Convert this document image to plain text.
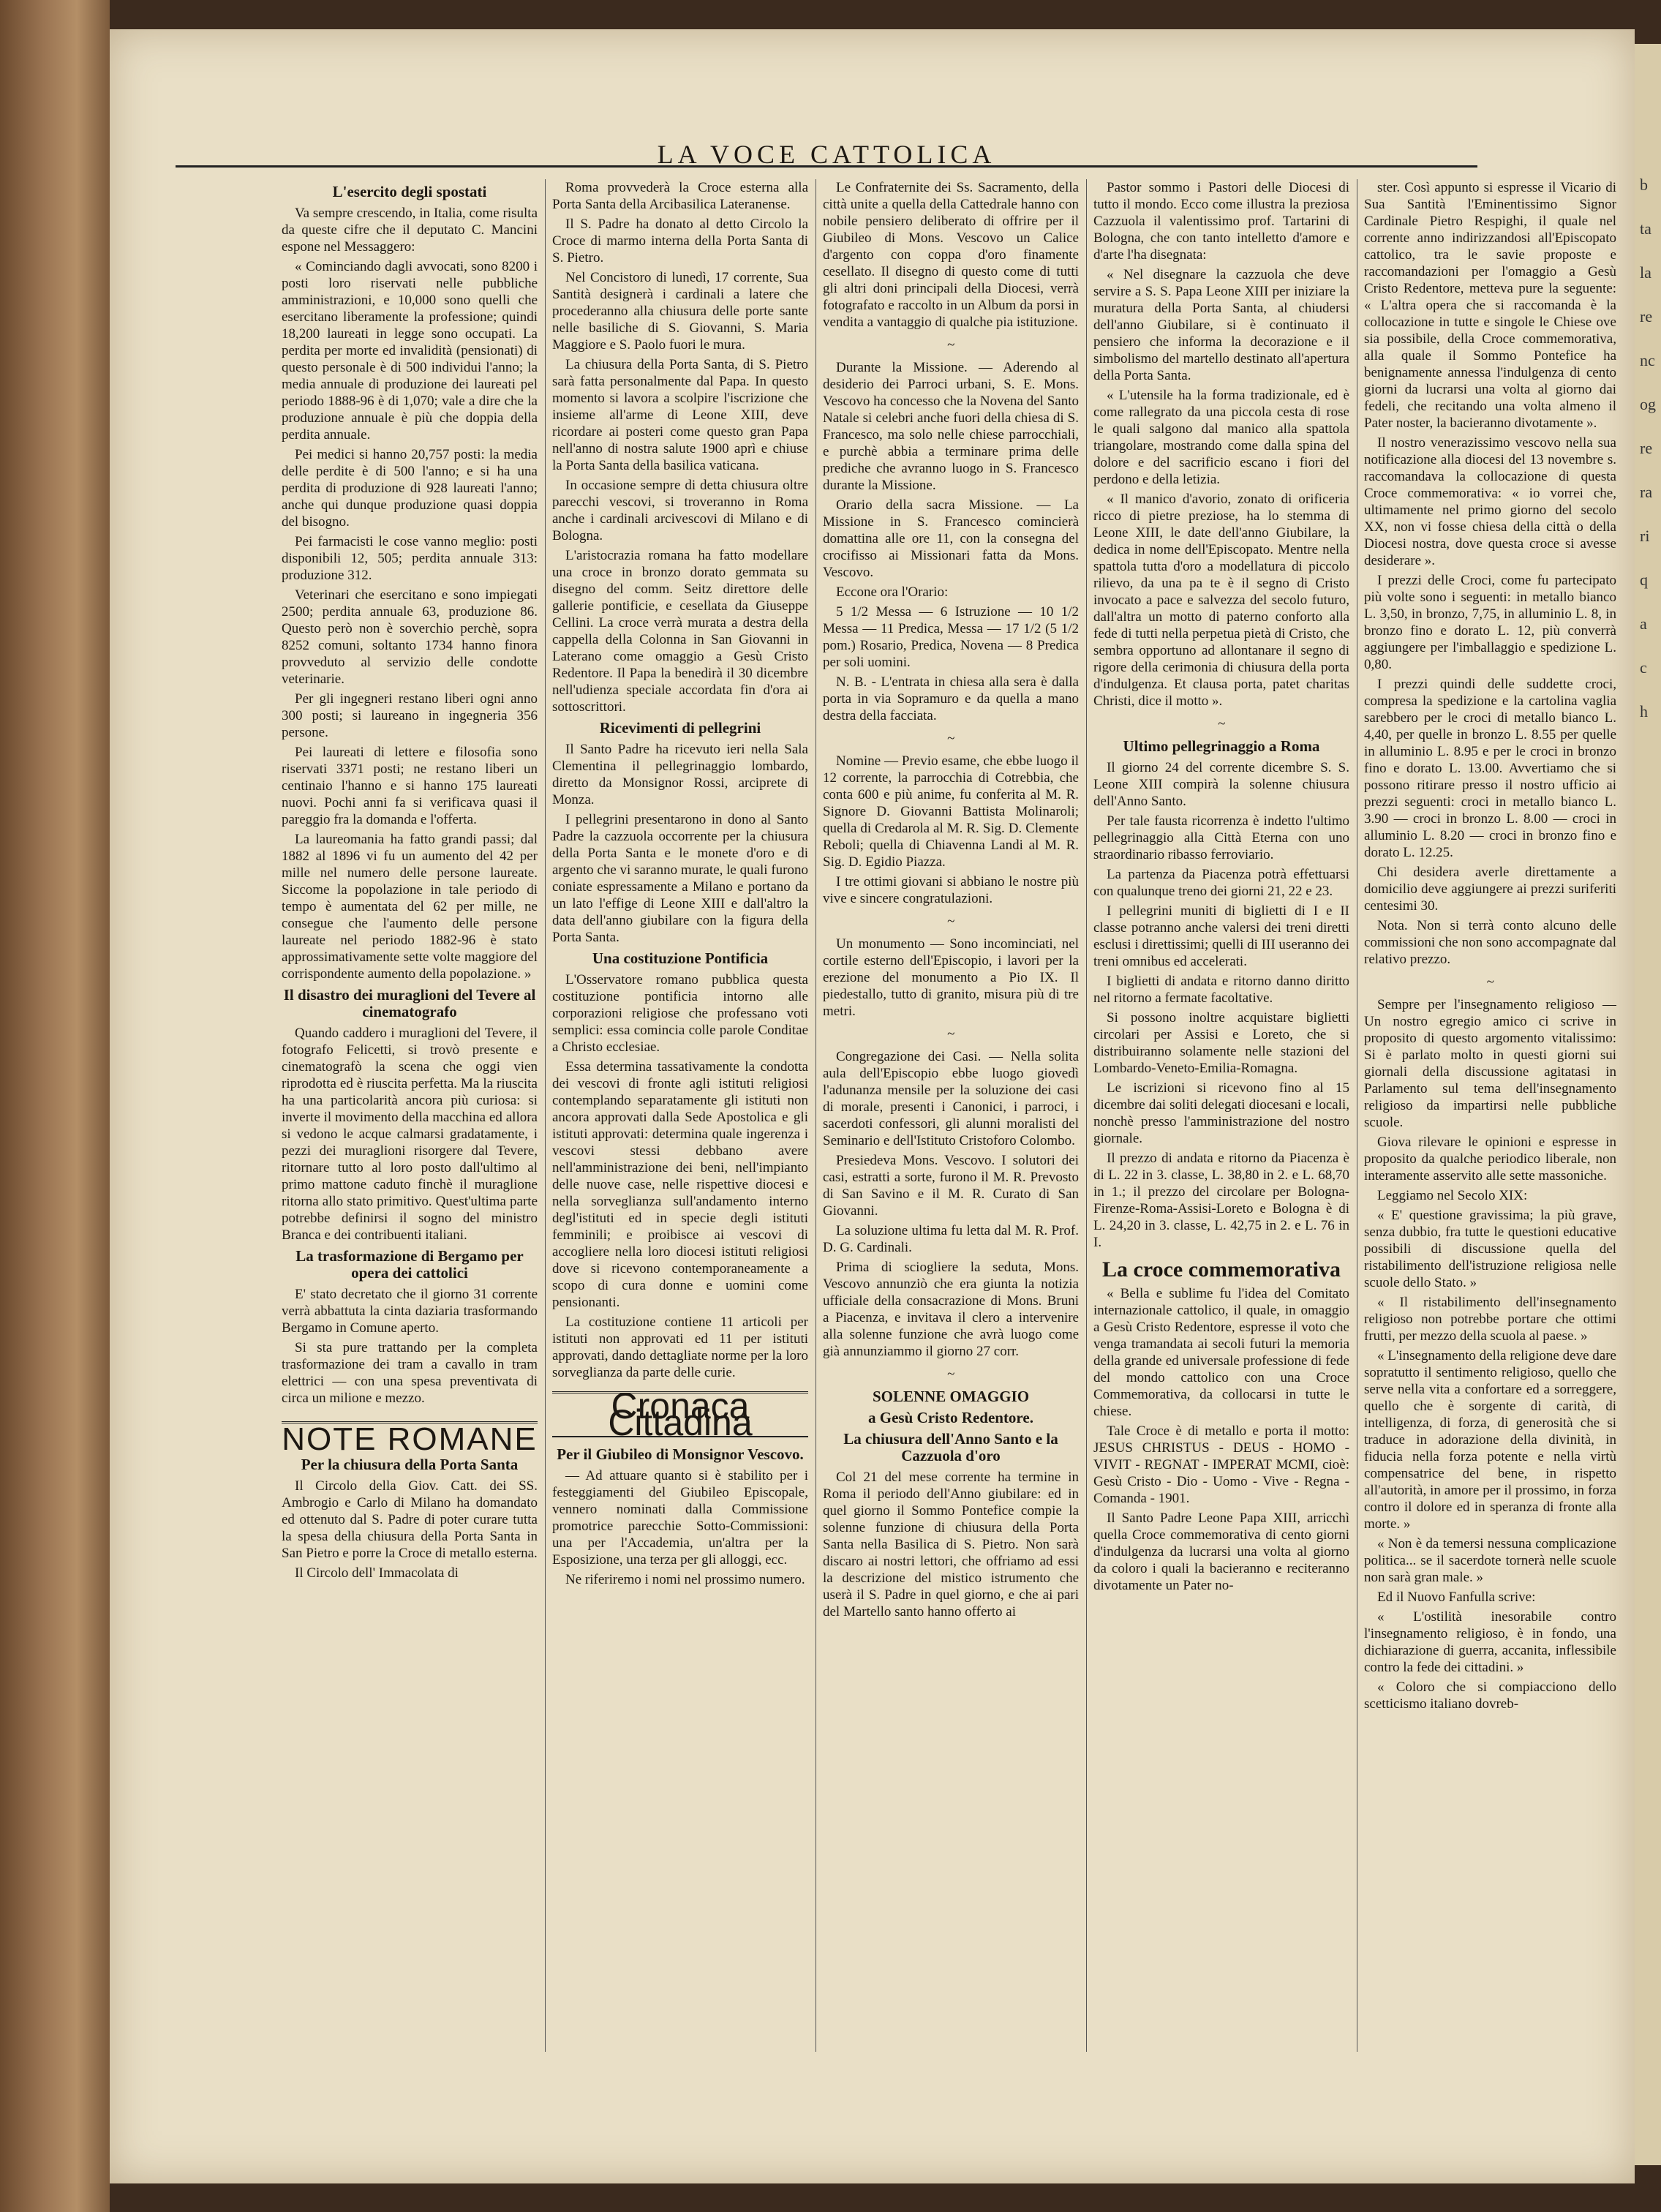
b
ta
la
re
nc
og
re
ra
ri
q
a
c
h
LA VOCE CATTOLICA
L'esercito degli spostati
Va sempre crescendo, in Italia, come risulta da queste cifre che il deputato C. Mancini espone nel Messaggero:
« Cominciando dagli avvocati, sono 8200 i posti loro riservati nelle pubbliche amministrazioni, e 10,000 sono quelli che esercitano liberamente la professione; quindi 18,200 laureati in legge sono occupati. La perdita per morte ed invalidità (pensionati) di questo personale è di 500 individui l'anno; la media annuale di produzione dei laureati pel periodo 1888-96 è di 1,070; vale a dire che la produzione annuale è più che doppia della perdita annuale.
Pei medici si hanno 20,757 posti: la media delle perdite è di 500 l'anno; e si ha una perdita di produzione di 928 laureati l'anno; anche qui dunque produzione quasi doppia del bisogno.
Pei farmacisti le cose vanno meglio: posti disponibili 12, 505; perdita annuale 313: produzione 312.
Veterinari che esercitano e sono impiegati 2500; perdita annuale 63, produzione 86. Questo però non è soverchio perchè, sopra 8252 comuni, soltanto 1734 hanno finora provveduto al servizio delle condotte veterinarie.
Per gli ingegneri restano liberi ogni anno 300 posti; si laureano in ingegneria 356 persone.
Pei laureati di lettere e filosofia sono riservati 3371 posti; ne restano liberi un centinaio l'hanno e si hanno 175 laureati nuovi. Pochi anni fa si verificava quasi il pareggio fra la domanda e l'offerta.
La laureomania ha fatto grandi passi; dal 1882 al 1896 vi fu un aumento del 42 per mille nel numero delle persone laureate. Siccome la popolazione in tale periodo di tempo è aumentata del 62 per mille, ne consegue che l'aumento delle persone laureate nel periodo 1882-96 è stato approssimativamente sette volte maggiore del corrispondente aumento della popolazione. »
Il disastro dei muraglioni del Tevere al cinematografo
Quando caddero i muraglioni del Tevere, il fotografo Felicetti, si trovò presente e cinematografò la scena che oggi vien riprodotta ed è riuscita perfetta. Ma la riuscita ha una particolarità ancora più curiosa: si inverte il movimento della macchina ed allora si vedono le acque calmarsi gradatamente, i pezzi dei muraglioni risorgere dal Tevere, ritornare tutto al loro posto dall'ultimo al primo mattone caduto finchè il muraglione ritorna allo stato primitivo. Quest'ultima parte potrebbe definirsi il sogno del ministro Branca e dei contribuenti italiani.
La trasformazione di Bergamo per opera dei cattolici
E' stato decretato che il giorno 31 corrente verrà abbattuta la cinta daziaria trasformando Bergamo in Comune aperto.
Si sta pure trattando per la completa trasformazione dei tram a cavallo in tram elettrici — con una spesa preventivata di circa un milione e mezzo.
NOTE ROMANE
Per la chiusura della Porta Santa
Il Circolo della Giov. Catt. dei SS. Ambrogio e Carlo di Milano ha domandato ed ottenuto dal S. Padre di poter curare tutta la spesa della chiusura della Porta Santa in San Pietro e porre la Croce di metallo esterna.
Il Circolo dell' Immacolata di
Roma provvederà la Croce esterna alla Porta Santa della Arcibasilica Lateranense.
Il S. Padre ha donato al detto Circolo la Croce di marmo interna della Porta Santa di S. Pietro.
Nel Concistoro di lunedì, 17 corrente, Sua Santità designerà i cardinali a latere che procederanno alla chiusura delle porte sante nelle basiliche di S. Giovanni, S. Maria Maggiore e S. Paolo fuori le mura.
La chiusura della Porta Santa, di S. Pietro sarà fatta personalmente dal Papa. In questo momento si lavora a scolpire l'iscrizione che insieme all'arme di Leone XIII, deve ricordare ai posteri come questo gran Papa nell'anno di nostra salute 1900 aprì e chiuse la Porta Santa della basilica vaticana.
In occasione sempre di detta chiusura oltre parecchi vescovi, si troveranno in Roma anche i cardinali arcivescovi di Milano e di Bologna.
L'aristocrazia romana ha fatto modellare una croce in bronzo dorato gemmata su disegno del comm. Seitz direttore delle gallerie pontificie, e cesellata da Giuseppe Cellini. La croce verrà murata a destra della cappella della Colonna in San Giovanni in Laterano come omaggio a Gesù Cristo Redentore. Il Papa la benedirà il 30 dicembre nell'udienza speciale accordata fin d'ora ai sottoscrittori.
Ricevimenti di pellegrini
Il Santo Padre ha ricevuto ieri nella Sala Clementina il pellegrinaggio lombardo, diretto da Monsignor Rossi, arciprete di Monza.
I pellegrini presentarono in dono al Santo Padre la cazzuola occorrente per la chiusura della Porta Santa e le monete d'oro e di argento che vi saranno murate, le quali furono coniate espressamente a Milano e portano da un lato l'effige di Leone XIII e dall'altro la data dell'anno giubilare con la figura della Porta Santa.
Una costituzione Pontificia
L'Osservatore romano pubblica questa costituzione pontificia intorno alle corporazioni religiose che professano voti semplici: essa comincia colle parole Conditae a Christo ecclesiae.
Essa determina tassativamente la condotta dei vescovi di fronte agli istituti religiosi contemplando separatamente gli istituti non ancora approvati dalla Sede Apostolica e gli istituti approvati: determina quale ingerenza i vescovi stessi debbano avere nell'amministrazione dei beni, nell'impianto delle nuove case, nelle rispettive diocesi e nella sorveglianza sull'andamento interno degl'istituti ed in specie degli istituti femminili; e proibisce ai vescovi di accogliere nella loro diocesi istituti religiosi dove si ricevono contemporaneamente a scopo di cura donne e uomini come pensionanti.
La costituzione contiene 11 articoli per istituti non approvati ed 11 per istituti approvati, dando dettagliate norme per la loro sorveglianza da parte delle curie.
Cronaca Cittadina
Per il Giubileo di Monsignor Vescovo.
— Ad attuare quanto si è stabilito per i festeggiamenti del Giubileo Episcopale, vennero nominati dalla Commissione promotrice parecchie Sotto-Commissioni: una per l'Accademia, un'altra per la Esposizione, una terza per gli alloggi, ecc.
Ne riferiremo i nomi nel prossimo numero.
Le Confraternite dei Ss. Sacramento, della città unite a quella della Cattedrale hanno con nobile pensiero deliberato di offrire per il Giubileo di Mons. Vescovo un Calice d'argento con coppa d'oro finamente cesellato. Il disegno di questo come di tutti gli altri doni principali della Diocesi, verrà fotografato e raccolto in un Album da porsi in vendita a vantaggio di qualche pia istituzione.
~
Durante la Missione. — Aderendo al desiderio dei Parroci urbani, S. E. Mons. Vescovo ha concesso che la Novena del Santo Natale si celebri anche fuori della chiesa di S. Francesco, ma solo nelle chiese parrocchiali, e purchè abbia a terminare prima delle prediche che avranno luogo in S. Francesco durante la Missione.
Orario della sacra Missione. — La Missione in S. Francesco comincierà domattina alle ore 11, con la consegna del crocifisso ai Missionari fatta da Mons. Vescovo.
Eccone ora l'Orario:
5 1/2 Messa — 6 Istruzione — 10 1/2 Messa — 11 Predica, Messa — 17 1/2 (5 1/2 pom.) Rosario, Predica, Novena — 8 Predica per soli uomini.
N. B. - L'entrata in chiesa alla sera è dalla porta in via Sopramuro e da quella a mano destra della facciata.
~
Nomine — Previo esame, che ebbe luogo il 12 corrente, la parrocchia di Cotrebbia, che conta 600 e più anime, fu conferita al M. R. Signore D. Giovanni Battista Molinaroli; quella di Credarola al M. R. Sig. D. Clemente Reboli; quella di Chiavenna Landi al M. R. Sig. D. Egidio Piazza.
I tre ottimi giovani si abbiano le nostre più vive e sincere congratulazioni.
~
Un monumento — Sono incominciati, nel cortile esterno dell'Episcopio, i lavori per la erezione del monumento a Pio IX. Il piedestallo, tutto di granito, misura più di tre metri.
~
Congregazione dei Casi. — Nella solita aula dell'Episcopio ebbe luogo giovedì l'adunanza mensile per la soluzione dei casi di morale, presenti i Canonici, i parroci, i sacerdoti confessori, gli alunni moralisti del Seminario e dell'Istituto Cristoforo Colombo.
Presiedeva Mons. Vescovo. I solutori dei casi, estratti a sorte, furono il M. R. Prevosto di San Savino e il M. R. Curato di San Giovanni.
La soluzione ultima fu letta dal M. R. Prof. D. G. Cardinali.
Prima di sciogliere la seduta, Mons. Vescovo annunziò che era giunta la notizia ufficiale della consacrazione di Mons. Bruni a Piacenza, e invitava il clero a intervenire alla solenne funzione che avrà luogo come già annunziammo il giorno 27 corr.
~
SOLENNE OMAGGIO
a Gesù Cristo Redentore.
La chiusura dell'Anno Santo e la Cazzuola d'oro
Col 21 del mese corrente ha termine in Roma il periodo dell'Anno giubilare: ed in quel giorno il Sommo Pontefice compie la solenne funzione di chiusura della Porta Santa nella Basilica di S. Pietro. Non sarà discaro ai nostri lettori, che offriamo ad essi la descrizione del mistico istrumento che userà il S. Padre in quel giorno, e che ai pari del Martello santo hanno offerto ai
Pastor sommo i Pastori delle Diocesi di tutto il mondo. Ecco come illustra la preziosa Cazzuola il valentissimo prof. Tartarini di Bologna, che con tanto intelletto d'amore e d'arte l'ha disegnata:
« Nel disegnare la cazzuola che deve servire a S. S. Papa Leone XIII per iniziare la muratura della Porta Santa, al chiudersi dell'anno Giubilare, si è continuato il pensiero che informa la decorazione e il simbolismo del martello destinato all'apertura della Porta Santa.
« L'utensile ha la forma tradizionale, ed è come rallegrato da una piccola cesta di rose le quali salgono dal manico alla spattola triangolare, mostrando come dalla spina del dolore e del sacrificio escano i fiori del perdono e della letizia.
« Il manico d'avorio, zonato di orificeria ricco di pietre preziose, ha lo stemma di Leone XIII, le date dell'anno Giubilare, la dedica in nome dell'Episcopato. Mentre nella spattola tutta d'oro a modellatura di piccolo rilievo, da una pa te è il segno di Cristo invocato a pace e salvezza del secolo futuro, dall'altra un motto di paterno conforto alla fede di tutti nella perpetua pietà di Cristo, che sembra opportuno ad allontanare il segno di rigore della cerimonia di chiusura della porta d'indulgenza. Et clausa porta, patet charitas Christi, dice il motto ».
~
Ultimo pellegrinaggio a Roma
Il giorno 24 del corrente dicembre S. S. Leone XIII compirà la solenne chiusura dell'Anno Santo.
Per tale fausta ricorrenza è indetto l'ultimo pellegrinaggio alla Città Eterna con uno straordinario ribasso ferroviario.
La partenza da Piacenza potrà effettuarsi con qualunque treno dei giorni 21, 22 e 23.
I pellegrini muniti di biglietti di I e II classe potranno anche valersi dei treni diretti esclusi i direttissimi; quelli di III useranno dei treni omnibus ed accelerati.
I biglietti di andata e ritorno danno diritto nel ritorno a fermate facoltative.
Si possono inoltre acquistare biglietti circolari per Assisi e Loreto, che si distribuiranno solamente nelle stazioni del Lombardo-Veneto-Emilia-Romagna.
Le iscrizioni si ricevono fino al 15 dicembre dai soliti delegati diocesani e locali, nonchè presso l'amministrazione del nostro giornale.
Il prezzo di andata e ritorno da Piacenza è di L. 22 in 3. classe, L. 38,80 in 2. e L. 68,70 in 1.; il prezzo del circolare per Bologna-Firenze-Roma-Assisi-Loreto e Bologna è di L. 24,20 in 3. classe, L. 42,75 in 2. e L. 76 in I.
La croce commemorativa
« Bella e sublime fu l'idea del Comitato internazionale cattolico, il quale, in omaggio a Gesù Cristo Redentore, espresse il voto che venga tramandata ai secoli futuri la memoria della grande ed universale professione di fede del mondo cattolico con una Croce Commemorativa, da collocarsi in tutte le chiese.
Tale Croce è di metallo e porta il motto: JESUS CHRISTUS - DEUS - HOMO - VIVIT - REGNAT - IMPERAT MCMI, cioè: Gesù Cristo - Dio - Uomo - Vive - Regna - Comanda - 1901.
Il Santo Padre Leone Papa XIII, arricchì quella Croce commemorativa di cento giorni d'indulgenza da lucrarsi una volta al giorno da coloro i quali la bacieranno e reciteranno divotamente un Pater no-
ster. Così appunto si espresse il Vicario di Sua Santità l'Eminentissimo Signor Cardinale Pietro Respighi, il quale nel corrente anno indirizzandosi all'Episcopato cattolico, tra le savie proposte e raccomandazioni per l'omaggio a Gesù Cristo Redentore, metteva pure la seguente: « L'altra opera che si raccomanda è la collocazione in tutte e singole le Chiese ove sia possibile, della Croce commemorativa, alla quale il Sommo Pontefice ha benignamente annessa l'indulgenza di cento giorni da lucrarsi una volta al giorno dai fedeli, che recitando una volta almeno il Pater noster, la bacieranno divotamente ».
Il nostro venerazissimo vescovo nella sua notificazione alla diocesi del 13 novembre s. raccomandava la collocazione di questa Croce commemorativa: « io vorrei che, ultimamente nel primo giorno del secolo XX, non vi fosse chiesa della città o della Diocesi nostra, dove questa croce si avesse desiderare ».
I prezzi delle Croci, come fu partecipato più volte sono i seguenti: in metallo bianco L. 3,50, in bronzo, 7,75, in alluminio L. 8, in bronzo fino e dorato L. 12, più converrà aggiungere per l'imballaggio e spedizione L. 0,80.
I prezzi quindi delle suddette croci, compresa la spedizione e la cartolina vaglia sarebbero per le croci di metallo bianco L. 4,40, per quelle in bronzo L. 8.55 per quelle in alluminio L. 8.95 e per le croci in bronzo fino e dorato L. 13.00. Avvertiamo che si possono ritirare presso il nostro ufficio ai prezzi seguenti: croci in metallo bianco L. 3.90 — croci in bronzo L. 8.00 — croci in alluminio L. 8.20 — croci in bronzo fino e dorato L. 12.25.
Chi desidera averle direttamente a domicilio deve aggiungere ai prezzi suriferiti centesimi 30.
Nota. Non si terrà conto alcuno delle commissioni che non sono accompagnate dal relativo prezzo.
~
Sempre per l'insegnamento religioso — Un nostro egregio amico ci scrive in proposito di questo argomento vitalissimo: Si è parlato molto in questi giorni sui giornali della discussione agitatasi in Parlamento sul tema dell'insegnamento religioso da impartirsi nelle pubbliche scuole.
Giova rilevare le opinioni e espresse in proposito da qualche periodico liberale, non interamente asservito alle sette massoniche.
Leggiamo nel Secolo XIX:
« E' questione gravissima; la più grave, senza dubbio, fra tutte le questioni educative possibili di discussione quella del ristabilimento dell'istruzione religiosa nelle scuole dello Stato. »
« Il ristabilimento dell'insegnamento religioso non potrebbe portare che ottimi frutti, per mezzo della scuola al paese. »
« L'insegnamento della religione deve dare sopratutto il sentimento religioso, quello che serve nella vita a confortare ed a sorreggere, quello che è sorgente di carità, di intelligenza, di forza, di generosità che si traduce in adorazione della divinità, in fiducia nella forza potente e nella virtù compensatrice del bene, in rispetto all'autorità, in amore per il prossimo, in forza contro il dolore ed in speranza di fronte alla morte. »
« Non è da temersi nessuna complicazione politica... se il sacerdote tornerà nelle scuole non sarà gran male. »
Ed il Nuovo Fanfulla scrive:
« L'ostilità inesorabile contro l'insegnamento religioso, è in fondo, una dichiarazione di guerra, accanita, inflessibile contro la fede dei cittadini. »
« Coloro che si compiacciono dello scetticismo italiano dovreb-
